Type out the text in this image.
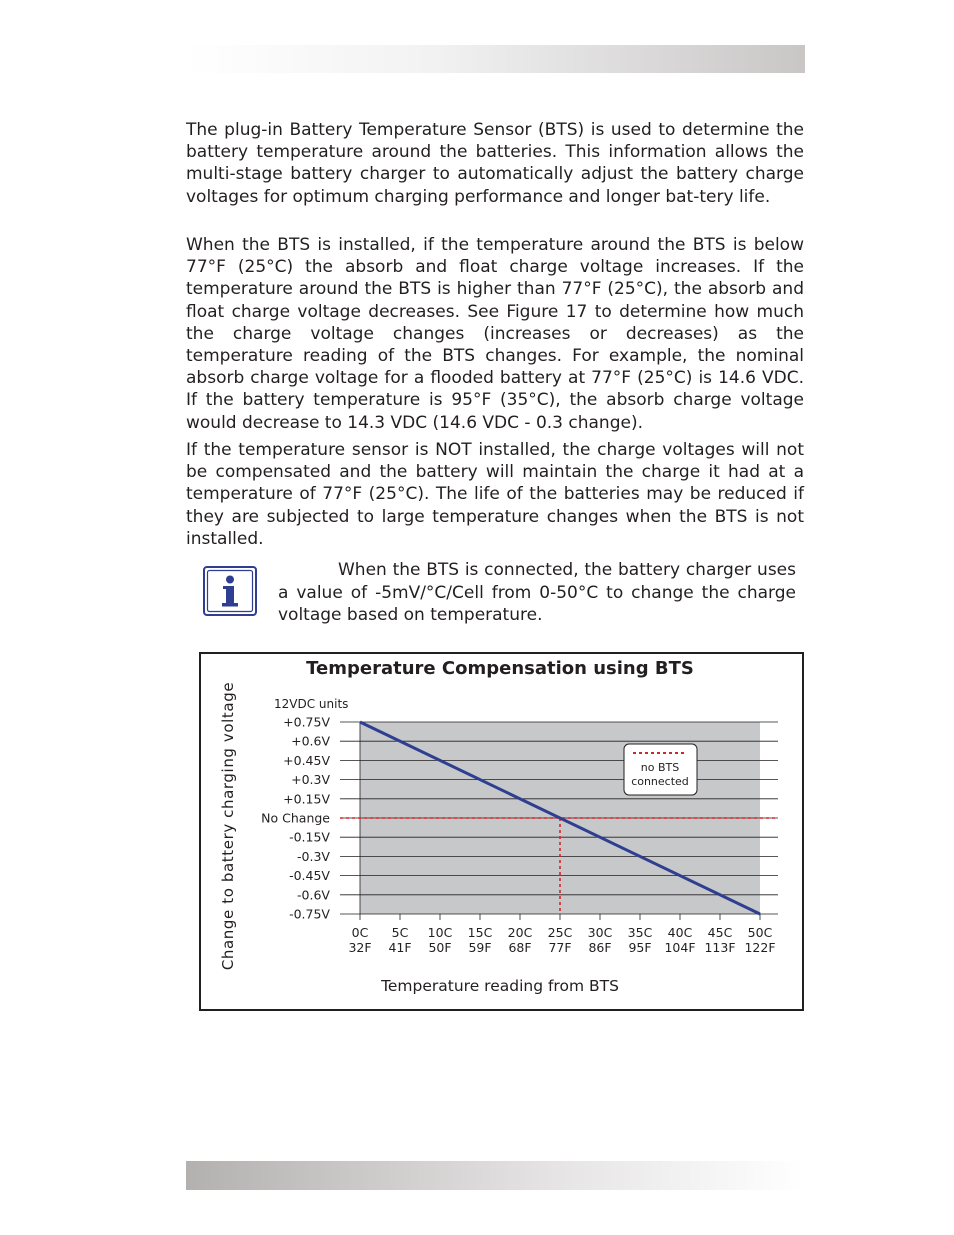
The plug-in Battery Temperature Sensor (BTS) is used to determine the battery temperature around the batteries. This information allows the multi-stage battery charger to automatically adjust the battery charge voltages for optimum charging performance and longer bat-tery life.

When the BTS is installed, if the temperature around the BTS is below 77°F (25°C) the absorb and float charge voltage increases. If the temperature around the BTS is higher than 77°F (25°C), the absorb and float charge voltage decreases. See Figure 17 to determine how much the charge voltage changes (increases or decreases) as the temperature reading of the BTS changes. For example, the nominal absorb charge voltage for a flooded battery at 77°F (25°C) is 14.6 VDC. If the battery temperature is 95°F (35°C), the absorb charge voltage would decrease to 14.3 VDC (14.6 VDC - 0.3 change).

If the temperature sensor is NOT installed, the charge voltages will not be compensated and the battery will maintain the charge it had at a temperature of 77°F (25°C). The life of the batteries may be reduced if they are subjected to large temperature changes when the BTS is not installed.

When the BTS is connected, the battery charger uses a value of -5mV/°C/Cell from 0-50°C to change the charge voltage based on temperature.

Temperature Compensation using BTS
Change to battery charging voltage
Temperature reading from BTS
12VDC units
+0.75V
+0.6V
+0.45V
+0.3V
+0.15V
No Change
-0.15V
-0.3V
-0.45V
-0.6V
-0.75V
0C
32F
5C
41F
10C
50F
15C
59F
20C
68F
25C
77F
30C
86F
35C
95F
40C
104F
45C
113F
50C
122F
no BTS
connected
